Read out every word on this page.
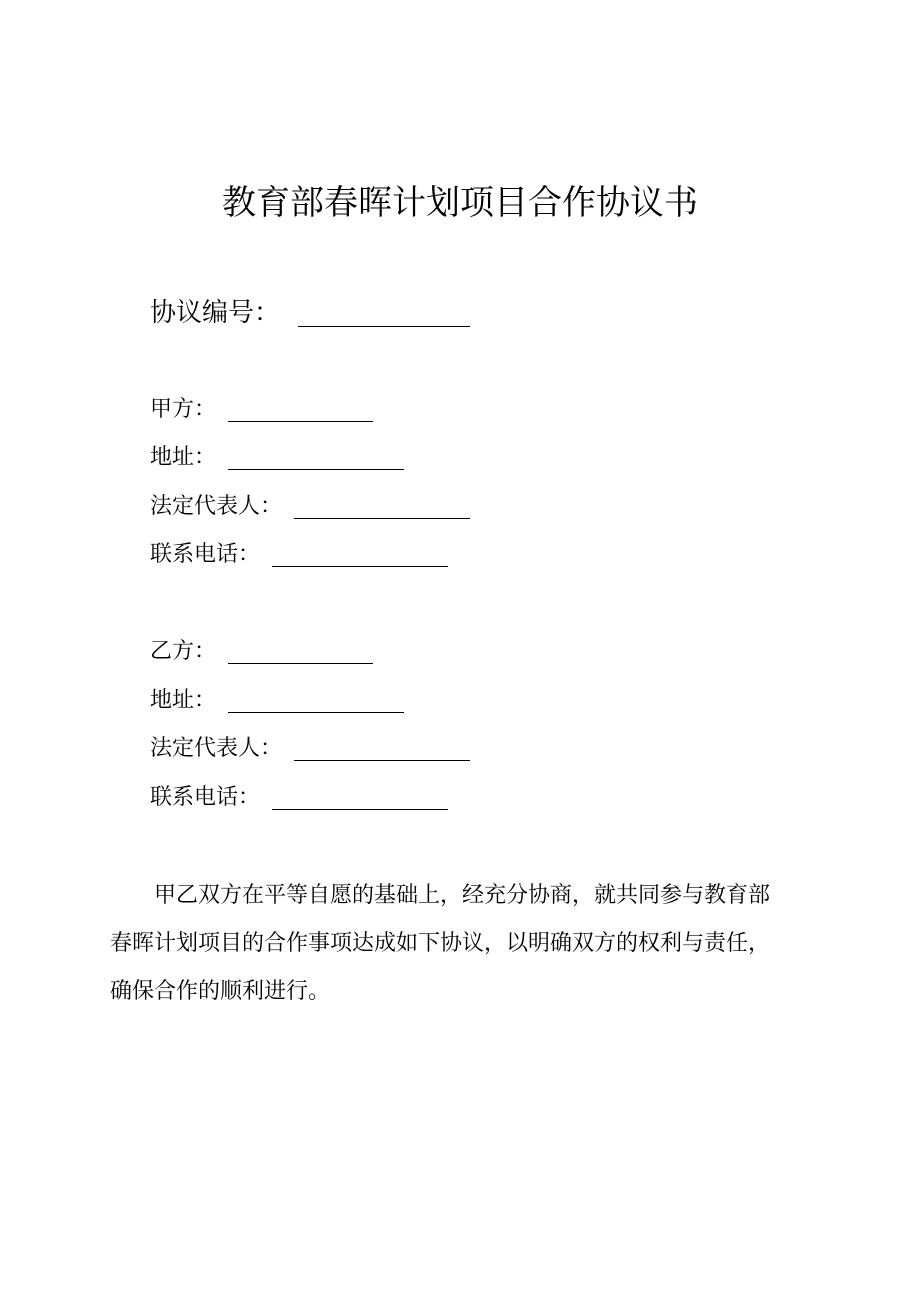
教育部春晖计划项目合作协议书
协议编号：
甲方：
地址：
法定代表人：
联系电话：
乙方：
地址：
法定代表人：
联系电话：

甲乙双方在平等自愿的基础上，经充分协商，就共同参与教育部

春晖计划项目的合作事项达成如下协议，以明确双方的权利与责任，

确保合作的顺利进行。
